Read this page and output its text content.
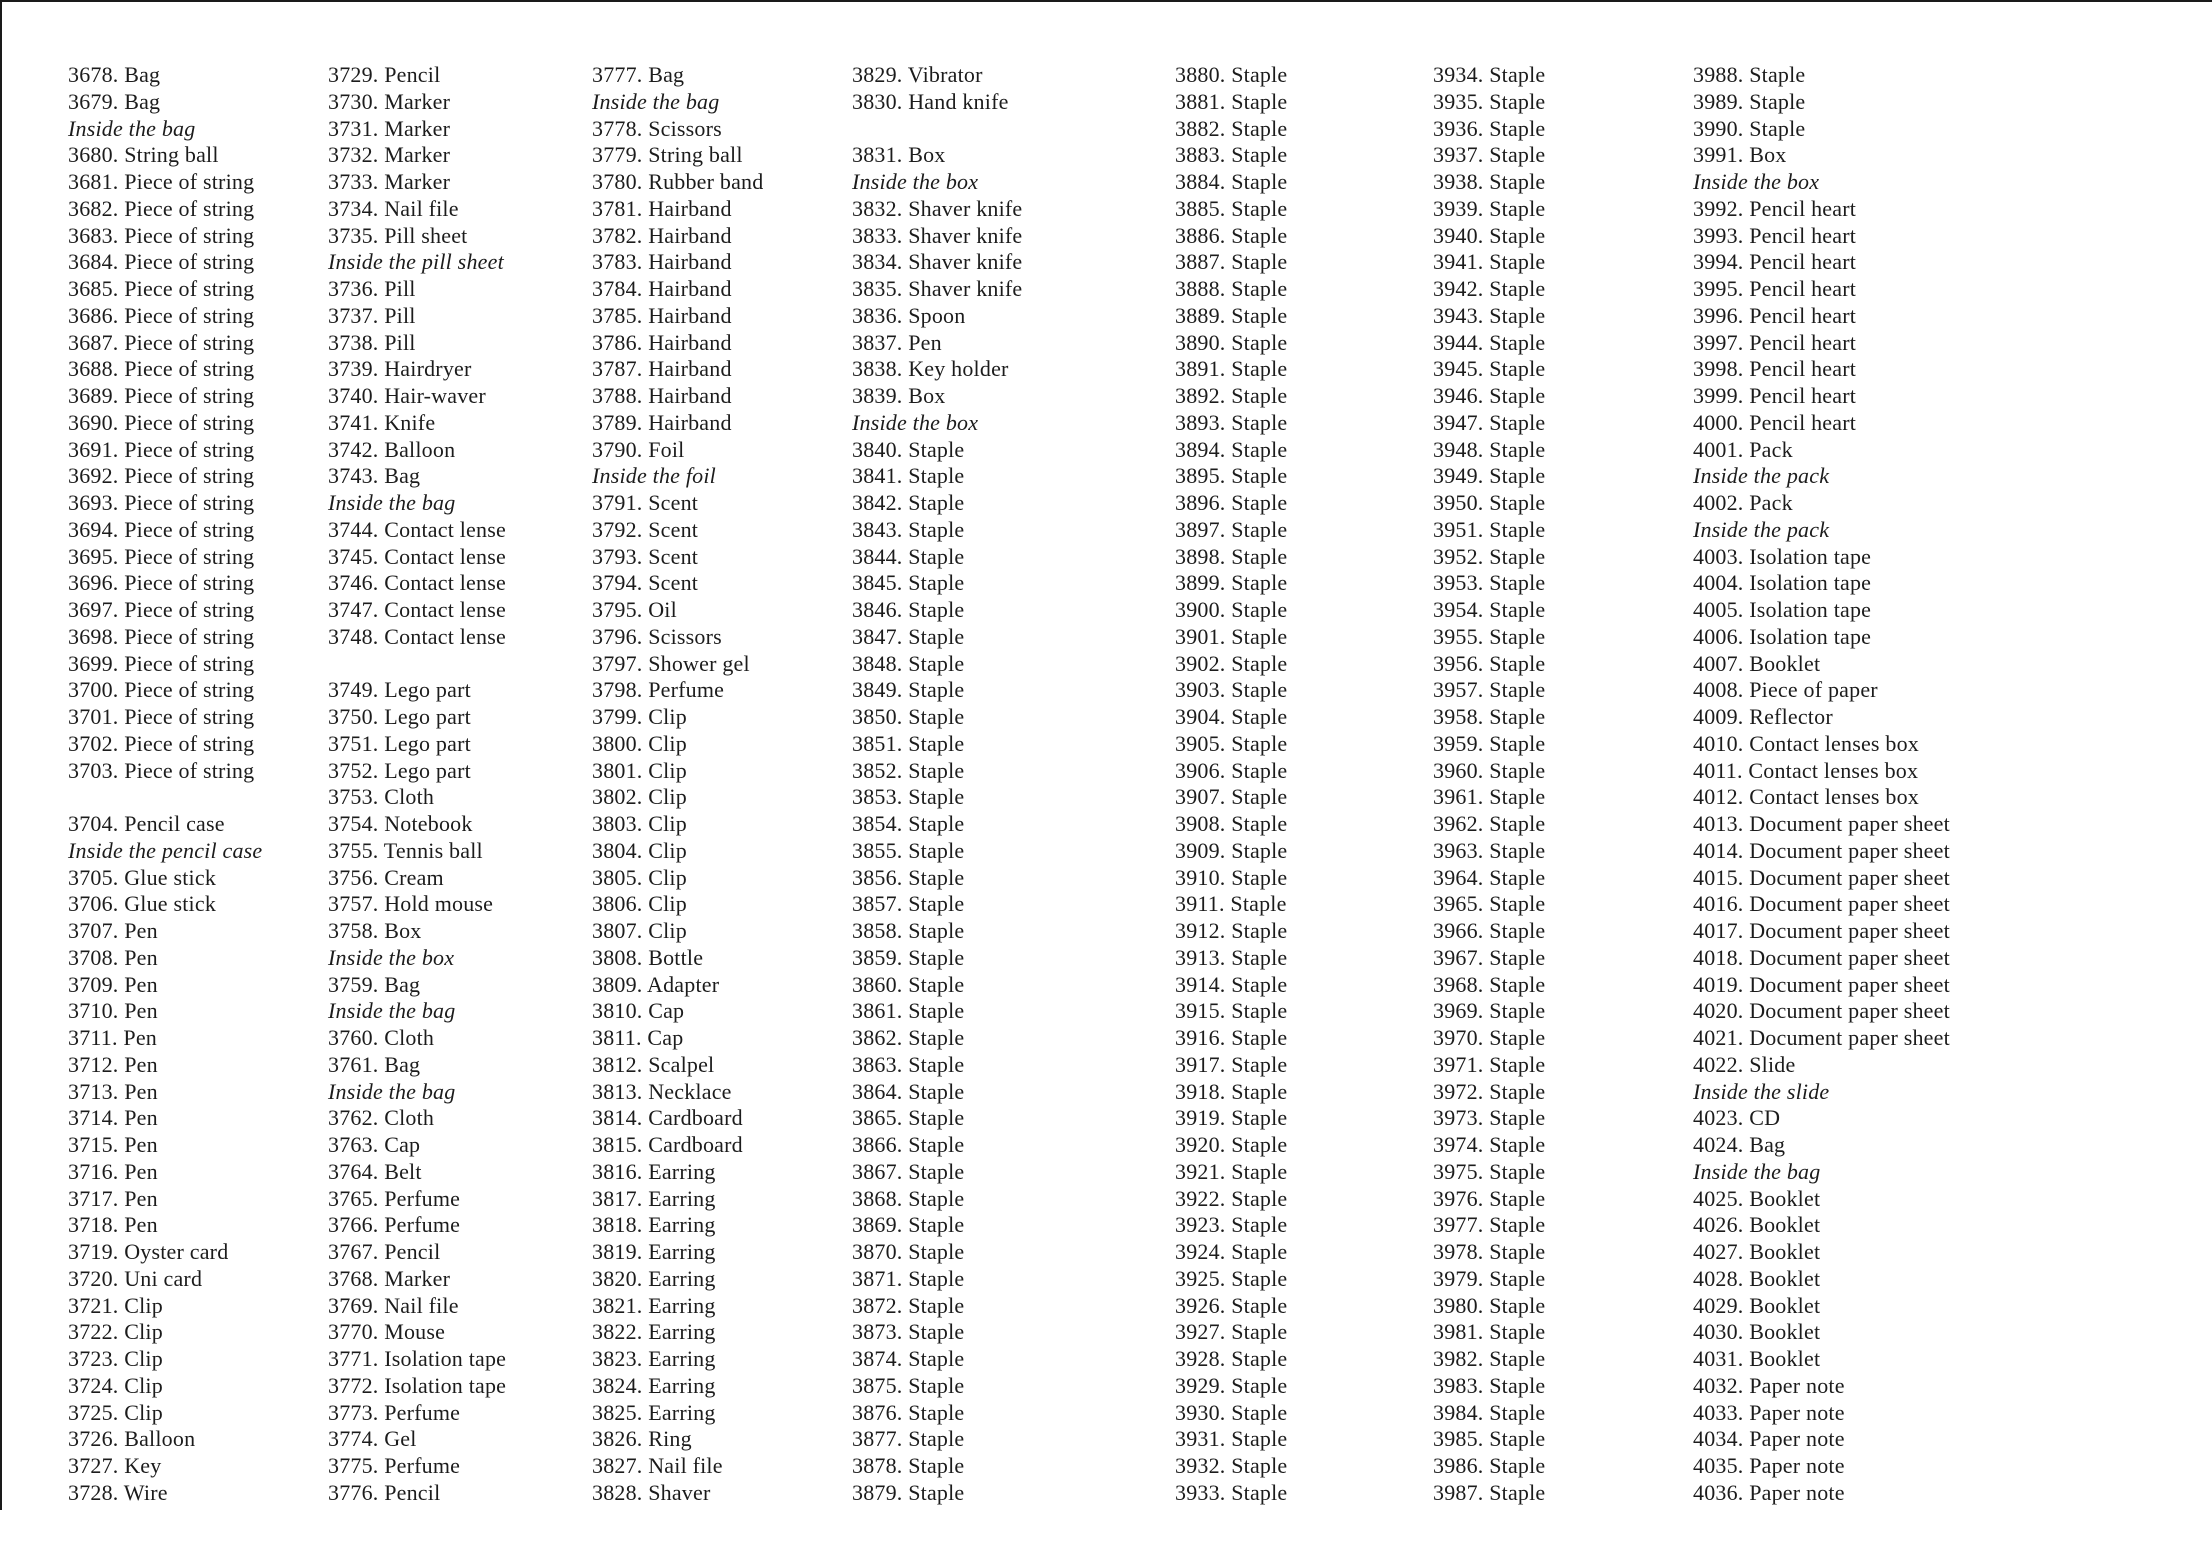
3678. Bag
3679. Bag
Inside the bag
3680. String ball
3681. Piece of string
3682. Piece of string
3683. Piece of string
3684. Piece of string
3685. Piece of string
3686. Piece of string
3687. Piece of string
3688. Piece of string
3689. Piece of string
3690. Piece of string
3691. Piece of string
3692. Piece of string
3693. Piece of string
3694. Piece of string
3695. Piece of string
3696. Piece of string
3697. Piece of string
3698. Piece of string
3699. Piece of string
3700. Piece of string
3701. Piece of string
3702. Piece of string
3703. Piece of string
3704. Pencil case
Inside the pencil case
3705. Glue stick
3706. Glue stick
3707. Pen
3708. Pen
3709. Pen
3710. Pen
3711. Pen
3712. Pen
3713. Pen
3714. Pen
3715. Pen
3716. Pen
3717. Pen
3718. Pen
3719. Oyster card
3720. Uni card
3721. Clip
3722. Clip
3723. Clip
3724. Clip
3725. Clip
3726. Balloon
3727. Key
3728. Wire
3729. Pencil
3730. Marker
3731. Marker
3732. Marker
3733. Marker
3734. Nail file
3735. Pill sheet
Inside the pill sheet
3736. Pill
3737. Pill
3738. Pill
3739. Hairdryer
3740. Hair-waver
3741. Knife
3742. Balloon
3743. Bag
Inside the bag
3744. Contact lense
3745. Contact lense
3746. Contact lense
3747. Contact lense
3748. Contact lense
3749. Lego part
3750. Lego part
3751. Lego part
3752. Lego part
3753. Cloth
3754. Notebook
3755. Tennis ball
3756. Cream
3757. Hold mouse
3758. Box
Inside the box
3759. Bag
Inside the bag
3760. Cloth
3761. Bag
Inside the bag
3762. Cloth
3763. Cap
3764. Belt
3765. Perfume
3766. Perfume
3767. Pencil
3768. Marker
3769. Nail file
3770. Mouse
3771. Isolation tape
3772. Isolation tape
3773. Perfume
3774. Gel
3775. Perfume
3776. Pencil
3777. Bag
Inside the bag
3778. Scissors
3779. String ball
3780. Rubber band
3781. Hairband
3782. Hairband
3783. Hairband
3784. Hairband
3785. Hairband
3786. Hairband
3787. Hairband
3788. Hairband
3789. Hairband
3790. Foil
Inside the foil
3791. Scent
3792. Scent
3793. Scent
3794. Scent
3795. Oil
3796. Scissors
3797. Shower gel
3798. Perfume
3799. Clip
3800. Clip
3801. Clip
3802. Clip
3803. Clip
3804. Clip
3805. Clip
3806. Clip
3807. Clip
3808. Bottle
3809. Adapter
3810. Cap
3811. Cap
3812. Scalpel
3813. Necklace
3814. Cardboard
3815. Cardboard
3816. Earring
3817. Earring
3818. Earring
3819. Earring
3820. Earring
3821. Earring
3822. Earring
3823. Earring
3824. Earring
3825. Earring
3826. Ring
3827. Nail file
3828. Shaver
3829. Vibrator
3830. Hand knife
3831. Box
Inside the box
3832. Shaver knife
3833. Shaver knife
3834. Shaver knife
3835. Shaver knife
3836. Spoon
3837. Pen
3838. Key holder
3839. Box
Inside the box
3840. Staple
3841. Staple
3842. Staple
3843. Staple
3844. Staple
3845. Staple
3846. Staple
3847. Staple
3848. Staple
3849. Staple
3850. Staple
3851. Staple
3852. Staple
3853. Staple
3854. Staple
3855. Staple
3856. Staple
3857. Staple
3858. Staple
3859. Staple
3860. Staple
3861. Staple
3862. Staple
3863. Staple
3864. Staple
3865. Staple
3866. Staple
3867. Staple
3868. Staple
3869. Staple
3870. Staple
3871. Staple
3872. Staple
3873. Staple
3874. Staple
3875. Staple
3876. Staple
3877. Staple
3878. Staple
3879. Staple
3880. Staple
3881. Staple
3882. Staple
3883. Staple
3884. Staple
3885. Staple
3886. Staple
3887. Staple
3888. Staple
3889. Staple
3890. Staple
3891. Staple
3892. Staple
3893. Staple
3894. Staple
3895. Staple
3896. Staple
3897. Staple
3898. Staple
3899. Staple
3900. Staple
3901. Staple
3902. Staple
3903. Staple
3904. Staple
3905. Staple
3906. Staple
3907. Staple
3908. Staple
3909. Staple
3910. Staple
3911. Staple
3912. Staple
3913. Staple
3914. Staple
3915. Staple
3916. Staple
3917. Staple
3918. Staple
3919. Staple
3920. Staple
3921. Staple
3922. Staple
3923. Staple
3924. Staple
3925. Staple
3926. Staple
3927. Staple
3928. Staple
3929. Staple
3930. Staple
3931. Staple
3932. Staple
3933. Staple
3934. Staple
3935. Staple
3936. Staple
3937. Staple
3938. Staple
3939. Staple
3940. Staple
3941. Staple
3942. Staple
3943. Staple
3944. Staple
3945. Staple
3946. Staple
3947. Staple
3948. Staple
3949. Staple
3950. Staple
3951. Staple
3952. Staple
3953. Staple
3954. Staple
3955. Staple
3956. Staple
3957. Staple
3958. Staple
3959. Staple
3960. Staple
3961. Staple
3962. Staple
3963. Staple
3964. Staple
3965. Staple
3966. Staple
3967. Staple
3968. Staple
3969. Staple
3970. Staple
3971. Staple
3972. Staple
3973. Staple
3974. Staple
3975. Staple
3976. Staple
3977. Staple
3978. Staple
3979. Staple
3980. Staple
3981. Staple
3982. Staple
3983. Staple
3984. Staple
3985. Staple
3986. Staple
3987. Staple
3988. Staple
3989. Staple
3990. Staple
3991. Box
Inside the box
3992. Pencil heart
3993. Pencil heart
3994. Pencil heart
3995. Pencil heart
3996. Pencil heart
3997. Pencil heart
3998. Pencil heart
3999. Pencil heart
4000. Pencil heart
4001. Pack
Inside the pack
4002. Pack
Inside the pack
4003. Isolation tape
4004. Isolation tape
4005. Isolation tape
4006. Isolation tape
4007. Booklet
4008. Piece of paper
4009. Reflector
4010. Contact lenses box
4011. Contact lenses box
4012. Contact lenses box
4013. Document paper sheet
4014. Document paper sheet
4015. Document paper sheet
4016. Document paper sheet
4017. Document paper sheet
4018. Document paper sheet
4019. Document paper sheet
4020. Document paper sheet
4021. Document paper sheet
4022. Slide
Inside the slide
4023. CD
4024. Bag
Inside the bag
4025. Booklet
4026. Booklet
4027. Booklet
4028. Booklet
4029. Booklet
4030. Booklet
4031. Booklet
4032. Paper note
4033. Paper note
4034. Paper note
4035. Paper note
4036. Paper note
